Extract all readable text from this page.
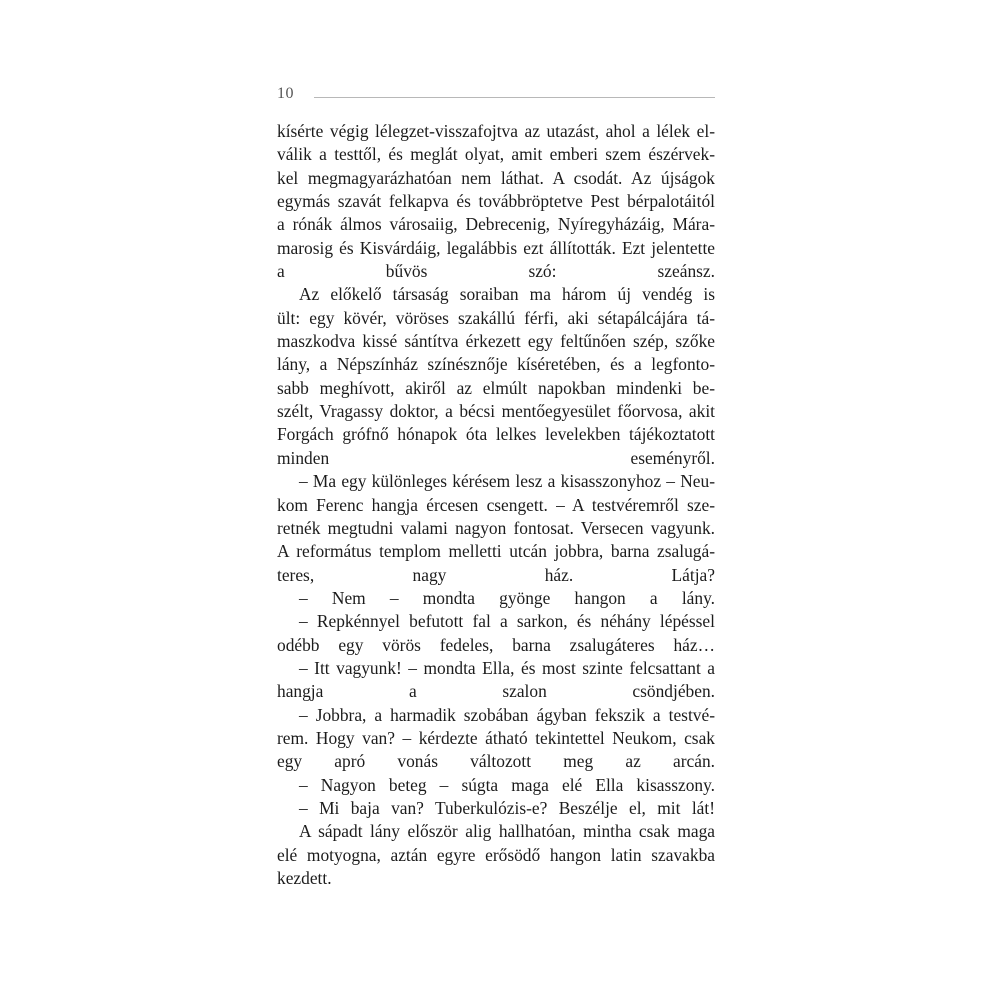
10
kísérte végig lélegzet-visszafojtva az utazást, ahol a lélek el-
válik a testtől, és meglát olyat, amit emberi szem észérvek-
kel megmagyarázhatóan nem láthat. A csodát. Az újságok
egymás szavát felkapva és továbbröptetve Pest bérpalotáitól
a rónák álmos városaiig, Debrecenig, Nyíregyházáig, Mára-
marosig és Kisvárdáig, legalábbis ezt állították. Ezt jelentette
a bűvös szó: szeánsz.
Az előkelő társaság soraiban ma három új vendég is
ült: egy kövér, vöröses szakállú férfi, aki sétapálcájára tá-
maszkodva kissé sántítva érkezett egy feltűnően szép, szőke
lány, a Népszínház színésznője kíséretében, és a legfonto-
sabb meghívott, akiről az elmúlt napokban mindenki be-
szélt, Vragassy doktor, a bécsi mentőegyesület főorvosa, akit
Forgách grófnő hónapok óta lelkes levelekben tájékoztatott
minden eseményről.
– Ma egy különleges kérésem lesz a kisasszonyhoz – Neu-
kom Ferenc hangja ércesen csengett. – A testvéremről sze-
retnék megtudni valami nagyon fontosat. Versecen vagyunk.
A református templom melletti utcán jobbra, barna zsalugá-
teres, nagy ház. Látja?
– Nem – mondta gyönge hangon a lány.
– Repkénnyel befutott fal a sarkon, és néhány lépéssel
odébb egy vörös fedeles, barna zsalugáteres ház…
– Itt vagyunk! – mondta Ella, és most szinte felcsattant a
hangja a szalon csöndjében.
– Jobbra, a harmadik szobában ágyban fekszik a testvé-
rem. Hogy van? – kérdezte átható tekintettel Neukom, csak
egy apró vonás változott meg az arcán.
– Nagyon beteg – súgta maga elé Ella kisasszony.
– Mi baja van? Tuberkulózis-e? Beszélje el, mit lát!
A sápadt lány először alig hallhatóan, mintha csak maga
elé motyogna, aztán egyre erősödő hangon latin szavakba
kezdett.
